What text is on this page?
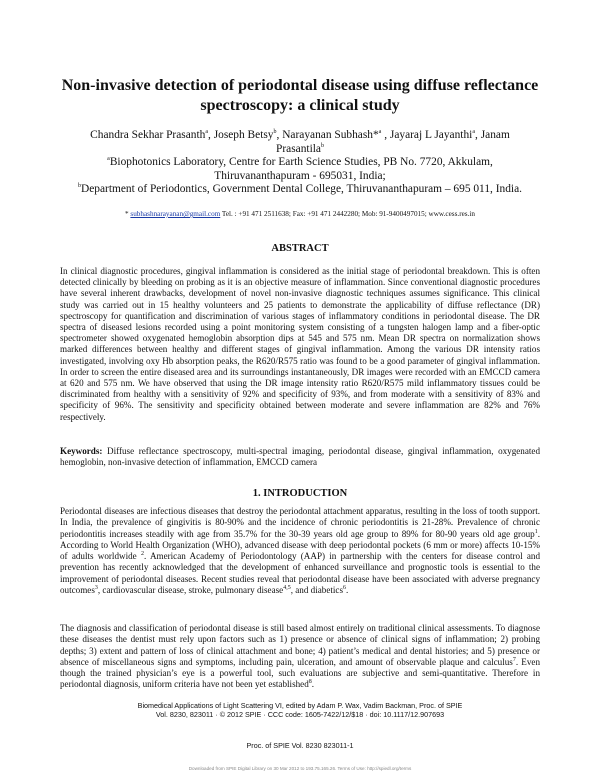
Non-invasive detection of periodontal disease using diffuse reflectance spectroscopy: a clinical study

Chandra Sekhar Prasanth$^a$, Joseph Betsy$^b$, Narayanan Subhash*$^a$ , Jayaraj L Jayanthi$^a$, Janam Prasantila$^b$

$^a$Biophotonics Laboratory, Centre for Earth Science Studies, PB No. 7720, Akkulam, Thiruvananthapuram - 695031, India;

$^b$Department of Periodontics, Government Dental College, Thiruvananthapuram – 695 011, India.

* subhashnarayanan@gmail.com Tel. : +91 471 2511638; Fax: +91 471 2442280; Mob: 91-9400497015; www.cess.res.in
ABSTRACT

In clinical diagnostic procedures, gingival inflammation is considered as the initial stage of periodontal breakdown. This is often detected clinically by bleeding on probing as it is an objective measure of inflammation. Since conventional diagnostic procedures have several inherent drawbacks, development of novel non-invasive diagnostic techniques assumes significance. This clinical study was carried out in 15 healthy volunteers and 25 patients to demonstrate the applicability of diffuse reflectance (DR) spectroscopy for quantification and discrimination of various stages of inflammatory conditions in periodontal disease. The DR spectra of diseased lesions recorded using a point monitoring system consisting of a tungsten halogen lamp and a fiber-optic spectrometer showed oxygenated hemoglobin absorption dips at 545 and 575 nm. Mean DR spectra on normalization shows marked differences between healthy and different stages of gingival inflammation. Among the various DR intensity ratios investigated, involving oxy Hb absorption peaks, the R620/R575 ratio was found to be a good parameter of gingival inflammation. In order to screen the entire diseased area and its surroundings instantaneously, DR images were recorded with an EMCCD camera at 620 and 575 nm. We have observed that using the DR image intensity ratio R620/R575 mild inflammatory tissues could be discriminated from healthy with a sensitivity of 92% and specificity of 93%, and from moderate with a sensitivity of 83% and specificity of 96%. The sensitivity and specificity obtained between moderate and severe inflammation are 82% and 76% respectively.

Keywords: Diffuse reflectance spectroscopy, multi-spectral imaging, periodontal disease, gingival inflammation, oxygenated hemoglobin, non-invasive detection of inflammation, EMCCD camera

1. INTRODUCTION

Periodontal diseases are infectious diseases that destroy the periodontal attachment apparatus, resulting in the loss of tooth support. In India, the prevalence of gingivitis is 80-90% and the incidence of chronic periodontitis is 21-28%. Prevalence of chronic periodontitis increases steadily with age from 35.7% for the 30-39 years old age group to 89% for 80-90 years old age group$^1$. According to World Health Organization (WHO), advanced disease with deep periodontal pockets (6 mm or more) affects 10-15% of adults worldwide $^2$. American Academy of Periodontology (AAP) in partnership with the centers for disease control and prevention has recently acknowledged that the development of enhanced surveillance and prognostic tools is essential to the improvement of periodontal diseases. Recent studies reveal that periodontal disease have been associated with adverse pregnancy outcomes$^3$, cardiovascular disease, stroke, pulmonary disease$^{4,5}$, and diabetics$^6$.

The diagnosis and classification of periodontal disease is still based almost entirely on traditional clinical assessments. To diagnose these diseases the dentist must rely upon factors such as 1) presence or absence of clinical signs of inflammation; 2) probing depths; 3) extent and pattern of loss of clinical attachment and bone; 4) patient’s medical and dental histories; and 5) presence or absence of miscellaneous signs and symptoms, including pain, ulceration, and amount of observable plaque and calculus$^7$. Even though the trained physician’s eye is a powerful tool, such evaluations are subjective and semi-quantitative. Therefore in periodontal diagnosis, uniform criteria have not been yet established$^8$.

Biomedical Applications of Light Scattering VI, edited by Adam P. Wax, Vadim Backman, Proc. of SPIE

Vol. 8230, 823011 · © 2012 SPIE · CCC code: 1605-7422/12/$18 · doi: 10.1117/12.907693

Proc. of SPIE Vol. 8230 823011-1
Downloaded from SPIE Digital Library on 30 Mar 2012 to 193.75.165.26. Terms of Use: http://spiedl.org/terms
